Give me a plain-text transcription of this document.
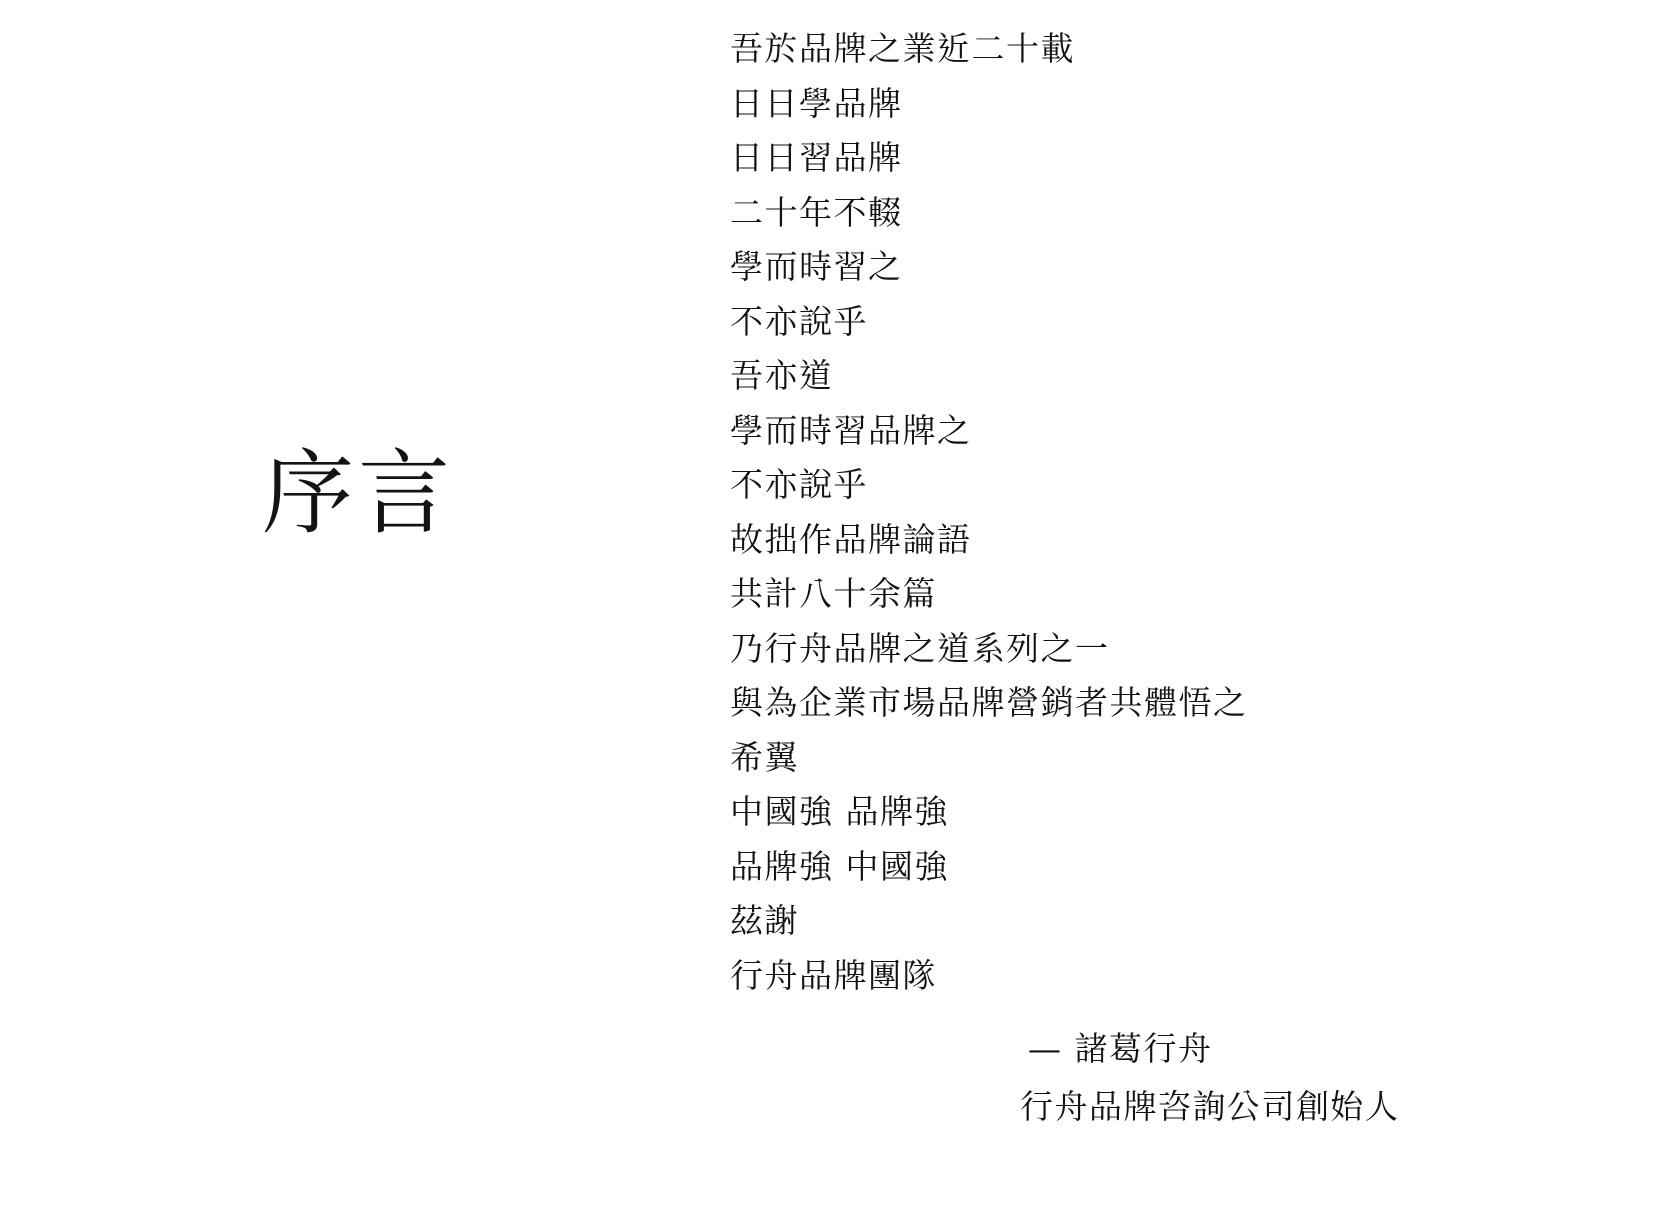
序言
吾於品牌之業近二十載
日日學品牌
日日習品牌
二十年不輟
學而時習之
不亦說乎
吾亦道
學而時習品牌之
不亦說乎
故拙作品牌論語
共計八十余篇
乃行舟品牌之道系列之一
與為企業市場品牌營銷者共體悟之
希翼
中國強 品牌強
品牌強 中國強
茲謝
行舟品牌團隊
— 諸葛行舟
行舟品牌咨詢公司創始人
